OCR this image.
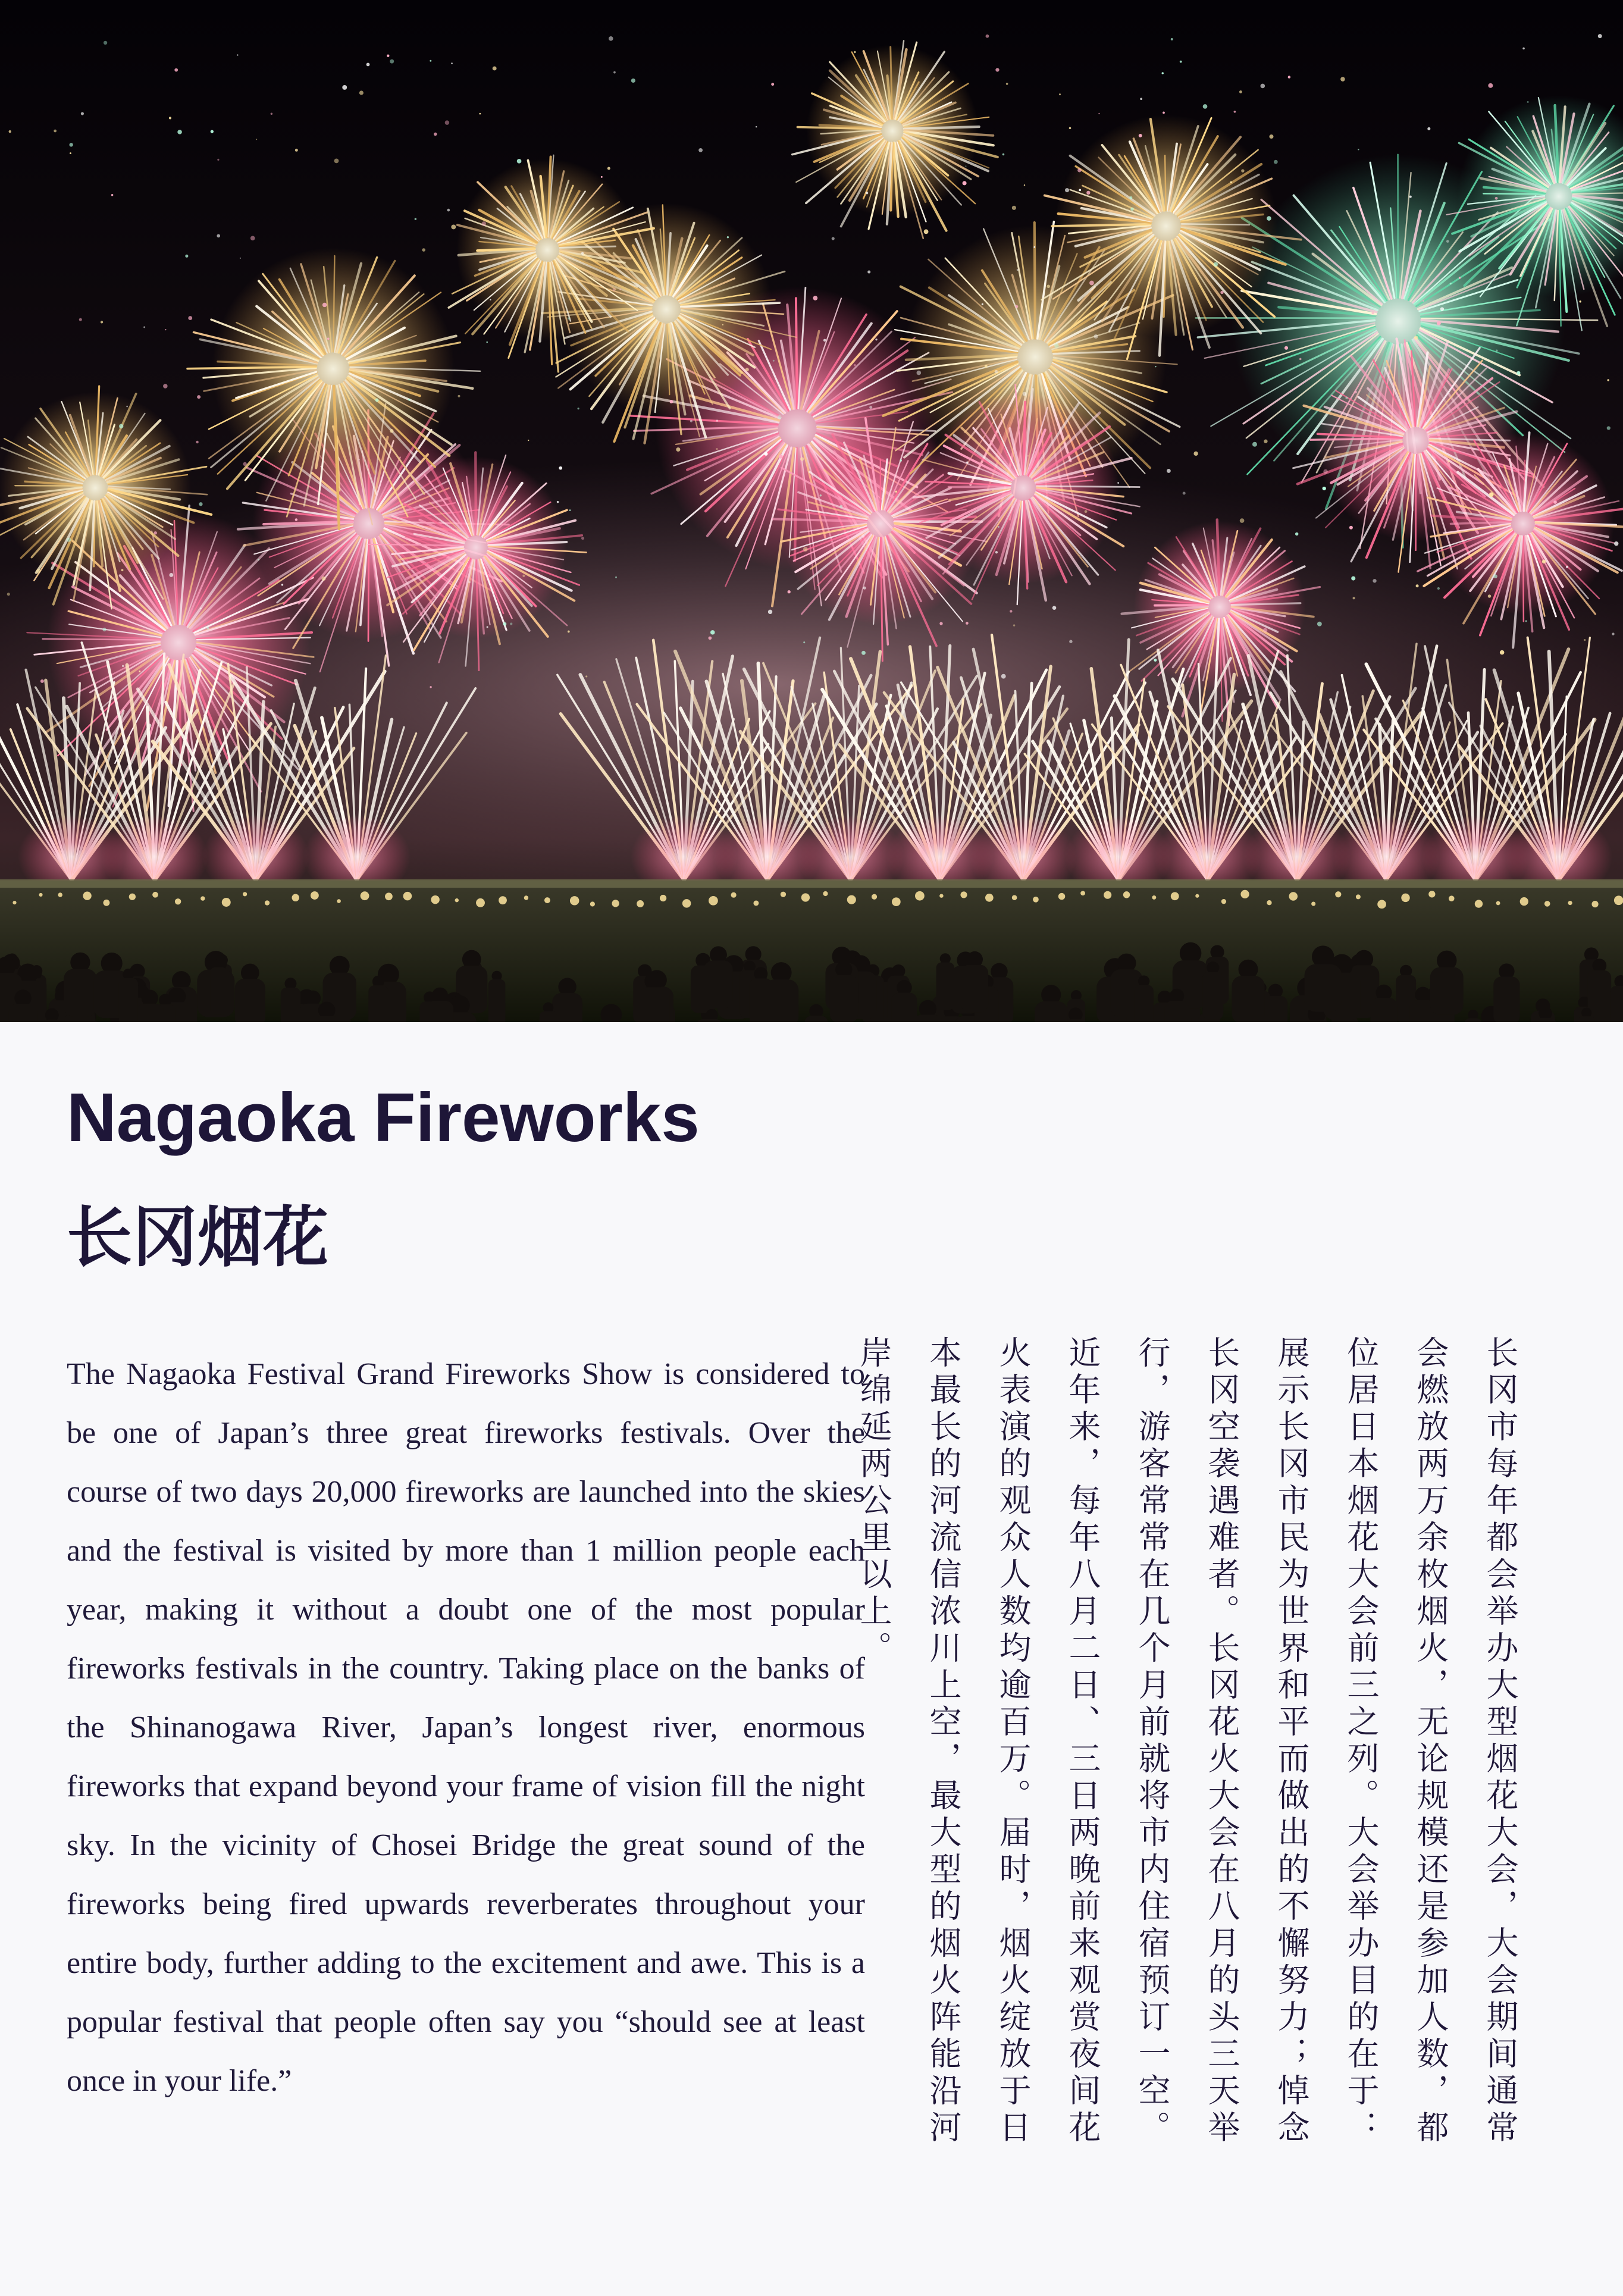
Nagaoka Fireworks
长冈烟花

The Nagaoka Festival Grand Fireworks Show is considered to be one of Japan’s three great fireworks festivals. Over the course of two days 20,000 fireworks are launched into the skies and the festival is visited by more than 1 million people each year, making it without a doubt one of the most popular fireworks festivals in the country. Taking place on the banks of the Shinanogawa River, Japan’s longest river, enormous fireworks that expand beyond your frame of vision fill the night sky. In the vicinity of Chosei Bridge the great sound of the fireworks being fired upwards reverberates throughout your entire body, further adding to the excitement and awe. This is a popular festival that people often say you “should see at least once in your life.”	长冈市每年都会举办大型烟花大会，大会期间通常会燃放两万余枚烟火，无论规模还是参加人数，都位居日本烟花大会前三之列。大会举办目的在于：展示长冈市民为世界和平而做出的不懈努力；悼念长冈空袭遇难者。长冈花火大会在八月的头三天举行，游客常常在几个月前就将市内住宿预订一空。近年来，每年八月二日、三日两晚前来观赏夜间花火表演的观众人数均逾百万。届时，烟火绽放于日本最长的河流信浓川上空，最大型的烟火阵能沿河岸绵延两公里以上。
